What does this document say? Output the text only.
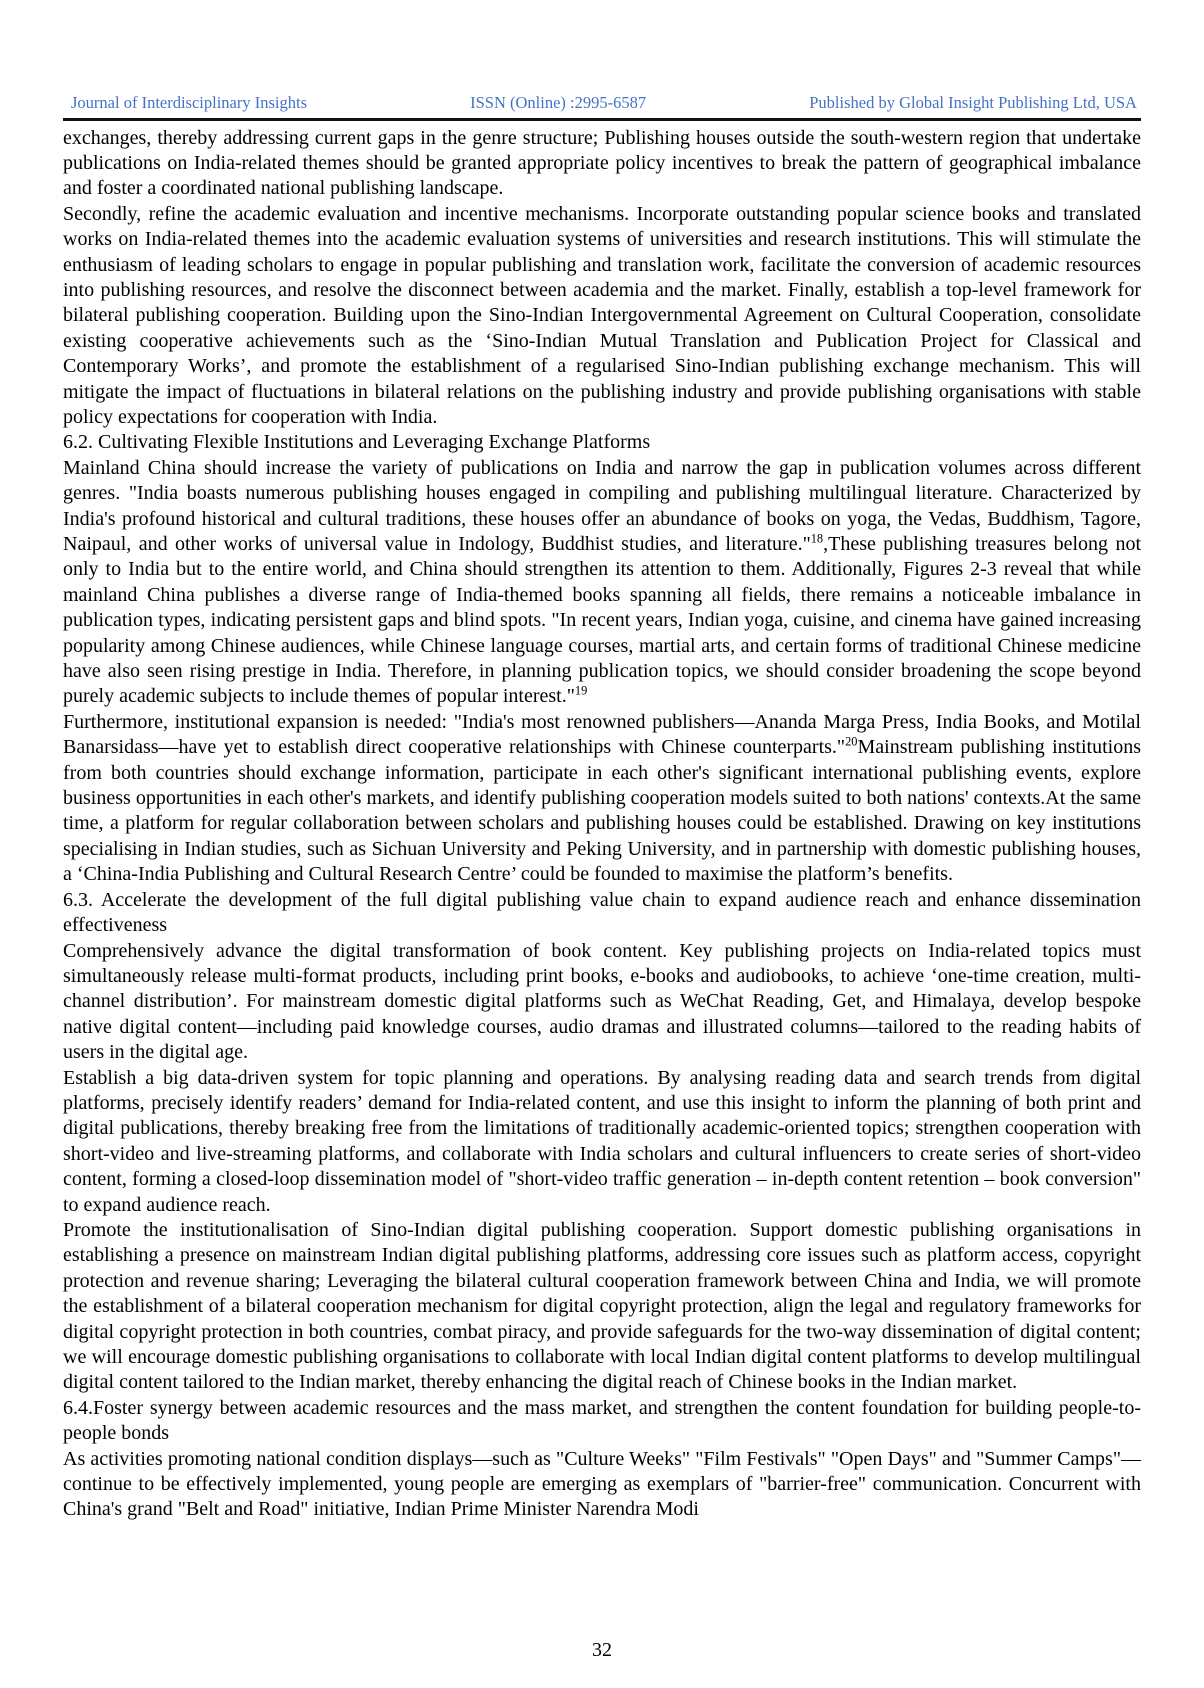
Journal of Interdisciplinary Insights	ISSN (Online) :2995-6587	Published by Global Insight Publishing Ltd, USA

exchanges, thereby addressing current gaps in the genre structure; Publishing houses outside the south-western region that undertake publications on India-related themes should be granted appropriate policy incentives to break the pattern of geographical imbalance and foster a coordinated national publishing landscape.

Secondly, refine the academic evaluation and incentive mechanisms. Incorporate outstanding popular science books and translated works on India-related themes into the academic evaluation systems of universities and research institutions. This will stimulate the enthusiasm of leading scholars to engage in popular publishing and translation work, facilitate the conversion of academic resources into publishing resources, and resolve the disconnect between academia and the market. Finally, establish a top-level framework for bilateral publishing cooperation. Building upon the Sino-Indian Intergovernmental Agreement on Cultural Cooperation, consolidate existing cooperative achievements such as the ‘Sino-Indian Mutual Translation and Publication Project for Classical and Contemporary Works’, and promote the establishment of a regularised Sino-Indian publishing exchange mechanism. This will mitigate the impact of fluctuations in bilateral relations on the publishing industry and provide publishing organisations with stable policy expectations for cooperation with India.

6.2. Cultivating Flexible Institutions and Leveraging Exchange Platforms

Mainland China should increase the variety of publications on India and narrow the gap in publication volumes across different genres. "India boasts numerous publishing houses engaged in compiling and publishing multilingual literature. Characterized by India's profound historical and cultural traditions, these houses offer an abundance of books on yoga, the Vedas, Buddhism, Tagore, Naipaul, and other works of universal value in Indology, Buddhist studies, and literature."$^{18}$,These publishing treasures belong not only to India but to the entire world, and China should strengthen its attention to them. Additionally, Figures 2-3 reveal that while mainland China publishes a diverse range of India-themed books spanning all fields, there remains a noticeable imbalance in publication types, indicating persistent gaps and blind spots. "In recent years, Indian yoga, cuisine, and cinema have gained increasing popularity among Chinese audiences, while Chinese language courses, martial arts, and certain forms of traditional Chinese medicine have also seen rising prestige in India. Therefore, in planning publication topics, we should consider broadening the scope beyond purely academic subjects to include themes of popular interest."$^{19}$

Furthermore, institutional expansion is needed: "India's most renowned publishers—Ananda Marga Press, India Books, and Motilal Banarsidass—have yet to establish direct cooperative relationships with Chinese counterparts."$^{20}$Mainstream publishing institutions from both countries should exchange information, participate in each other's significant international publishing events, explore business opportunities in each other's markets, and identify publishing cooperation models suited to both nations' contexts.At the same time, a platform for regular collaboration between scholars and publishing houses could be established. Drawing on key institutions specialising in Indian studies, such as Sichuan University and Peking University, and in partnership with domestic publishing houses, a ‘China-India Publishing and Cultural Research Centre’ could be founded to maximise the platform’s benefits.

6.3. Accelerate the development of the full digital publishing value chain to expand audience reach and enhance dissemination effectiveness

Comprehensively advance the digital transformation of book content. Key publishing projects on India-related topics must simultaneously release multi-format products, including print books, e-books and audiobooks, to achieve ‘one-time creation, multi-channel distribution’. For mainstream domestic digital platforms such as WeChat Reading, Get, and Himalaya, develop bespoke native digital content—including paid knowledge courses, audio dramas and illustrated columns—tailored to the reading habits of users in the digital age.

Establish a big data-driven system for topic planning and operations. By analysing reading data and search trends from digital platforms, precisely identify readers’ demand for India-related content, and use this insight to inform the planning of both print and digital publications, thereby breaking free from the limitations of traditionally academic-oriented topics; strengthen cooperation with short-video and live-streaming platforms, and collaborate with India scholars and cultural influencers to create series of short-video content, forming a closed-loop dissemination model of "short-video traffic generation – in-depth content retention – book conversion" to expand audience reach.

Promote the institutionalisation of Sino-Indian digital publishing cooperation. Support domestic publishing organisations in establishing a presence on mainstream Indian digital publishing platforms, addressing core issues such as platform access, copyright protection and revenue sharing; Leveraging the bilateral cultural cooperation framework between China and India, we will promote the establishment of a bilateral cooperation mechanism for digital copyright protection, align the legal and regulatory frameworks for digital copyright protection in both countries, combat piracy, and provide safeguards for the two-way dissemination of digital content; we will encourage domestic publishing organisations to collaborate with local Indian digital content platforms to develop multilingual digital content tailored to the Indian market, thereby enhancing the digital reach of Chinese books in the Indian market.

6.4.Foster synergy between academic resources and the mass market, and strengthen the content foundation for building people-to-people bonds

As activities promoting national condition displays—such as "Culture Weeks" "Film Festivals" "Open Days" and "Summer Camps"—continue to be effectively implemented, young people are emerging as exemplars of "barrier-free" communication. Concurrent with China's grand "Belt and Road" initiative, Indian Prime Minister Narendra Modi

32
